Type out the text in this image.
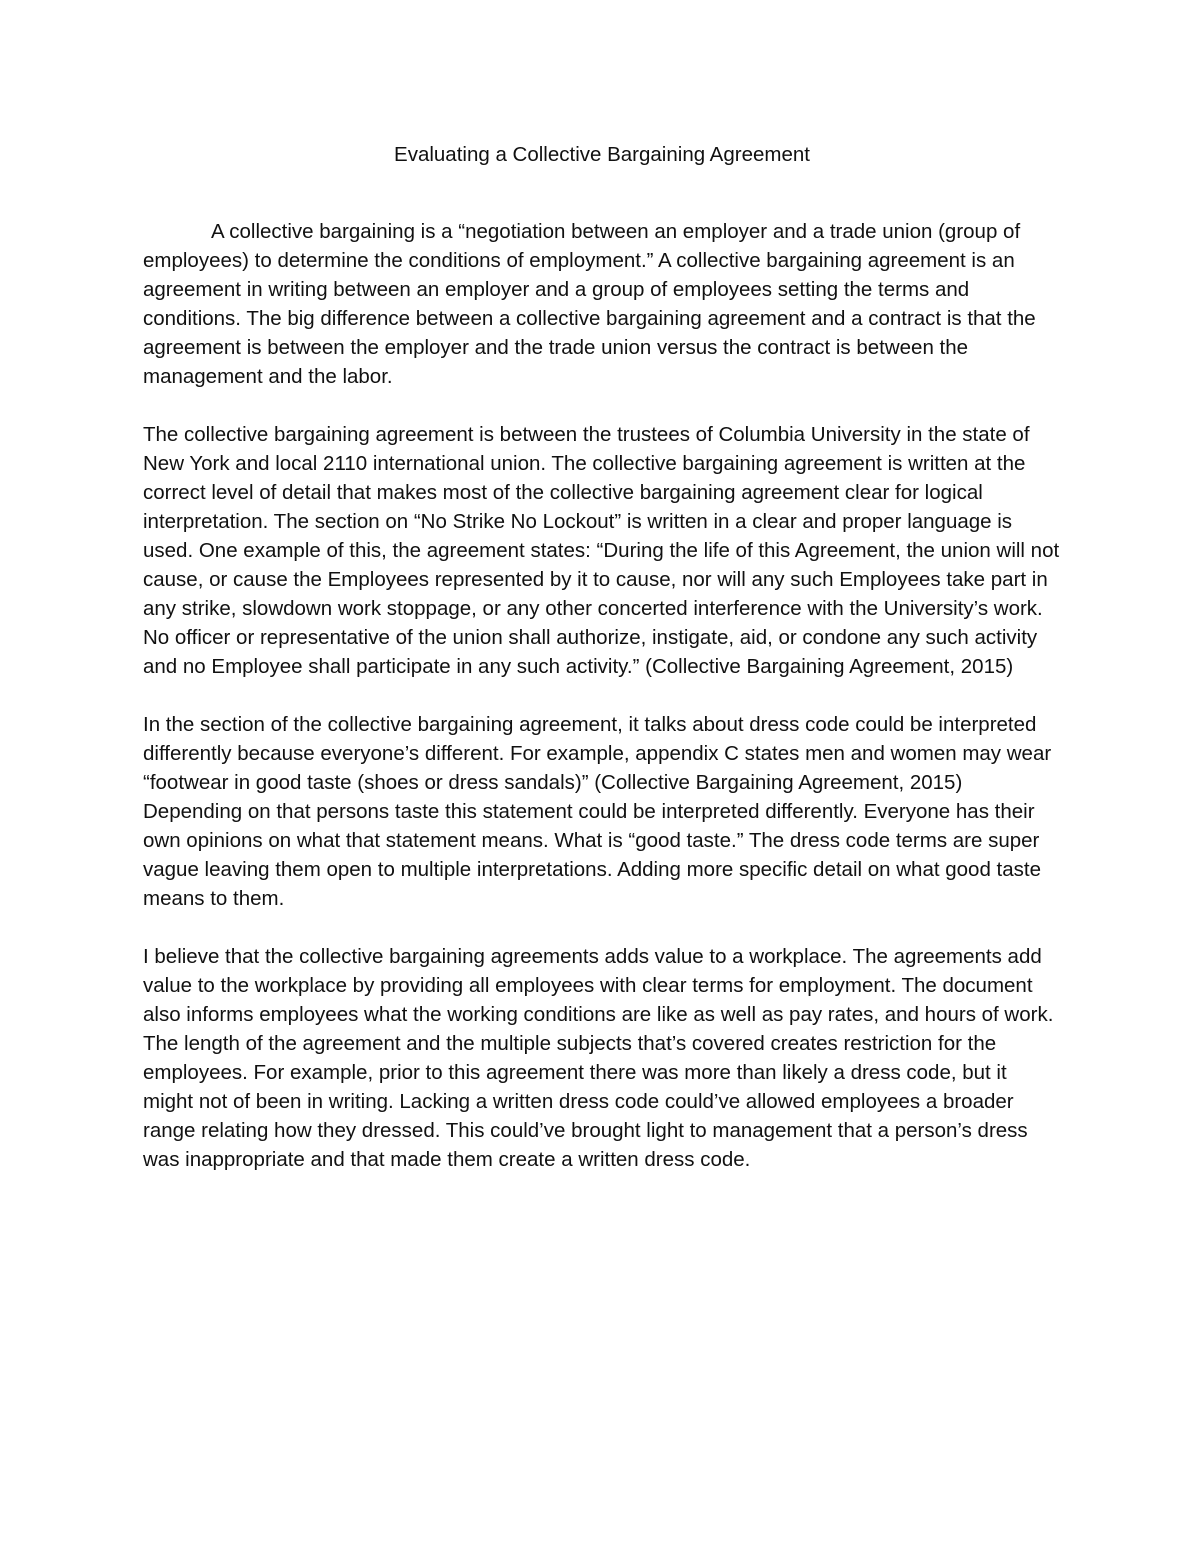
Evaluating a Collective Bargaining Agreement

A collective bargaining is a “negotiation between an employer and a trade union (group of employees) to determine the conditions of employment.” A collective bargaining agreement is an agreement in writing between an employer and a group of employees setting the terms and conditions. The big difference between a collective bargaining agreement and a contract is that the agreement is between the employer and the trade union versus the contract is between the management and the labor.

The collective bargaining agreement is between the trustees of Columbia University in the state of New York and local 2110 international union. The collective bargaining agreement is written at the correct level of detail that makes most of the collective bargaining agreement clear for logical interpretation. The section on “No Strike No Lockout” is written in a clear and proper language is used. One example of this, the agreement states: “During the life of this Agreement, the union will not cause, or cause the Employees represented by it to cause, nor will any such Employees take part in any strike, slowdown work stoppage, or any other concerted interference with the University’s work. No officer or representative of the union shall authorize, instigate, aid, or condone any such activity and no Employee shall participate in any such activity.” (Collective Bargaining Agreement, 2015)

In the section of the collective bargaining agreement, it talks about dress code could be interpreted differently because everyone’s different. For example, appendix C states men and women may wear “footwear in good taste (shoes or dress sandals)” (Collective Bargaining Agreement, 2015) Depending on that persons taste this statement could be interpreted differently. Everyone has their own opinions on what that statement means. What is “good taste.” The dress code terms are super vague leaving them open to multiple interpretations. Adding more specific detail on what good taste means to them.

I believe that the collective bargaining agreements adds value to a workplace. The agreements add value to the workplace by providing all employees with clear terms for employment. The document also informs employees what the working conditions are like as well as pay rates, and hours of work. The length of the agreement and the multiple subjects that’s covered creates restriction for the employees. For example, prior to this agreement there was more than likely a dress code, but it might not of been in writing. Lacking a written dress code could’ve allowed employees a broader range relating how they dressed. This could’ve brought light to management that a person’s dress was inappropriate and that made them create a written dress code.
